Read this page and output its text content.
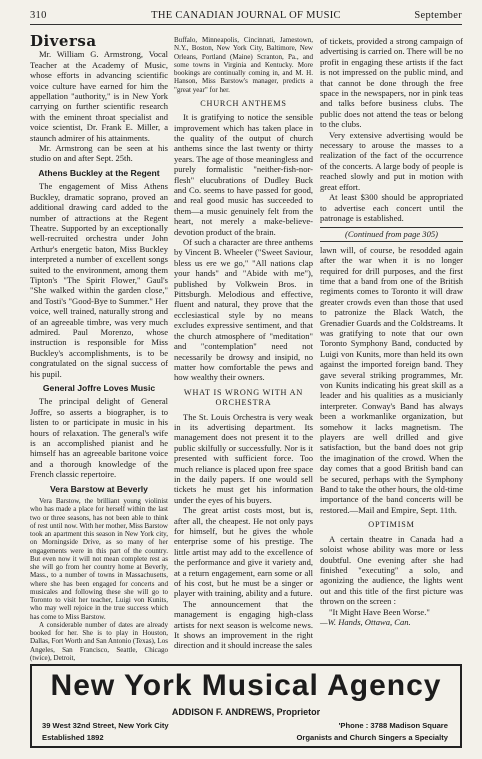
310	THE CANADIAN JOURNAL OF MUSIC	September
Diversa

Mr. William G. Armstrong, Vocal Teacher at the Academy of Music, whose efforts in advancing scientific voice culture have earned for him the appellation "authority," is in New York carrying on further scientific research with the eminent throat specialist and voice scientist, Dr. Frank E. Miller, a staunch admirer of his attainments.

Mr. Armstrong can be seen at his studio on and after Sept. 25th.

Athens Buckley at the Regent

The engagement of Miss Athens Buckley, dramatic soprano, proved an additional drawing card added to the number of attractions at the Regent Theatre. Supported by an exceptionally well-recruited orchestra under John Arthur's energetic baton, Miss Buckley interpreted a number of excellent songs suited to the environment, among them Tipton's "The Spirit Flower," Gaul's "She walked within the garden close," and Tosti's "Good-Bye to Summer." Her voice, well trained, naturally strong and of an agreeable timbre, was very much admired. Paul Morenzo, whose instruction is responsible for Miss Buckley's accomplishments, is to be congratulated on the signal success of his pupil.

General Joffre Loves Music

The principal delight of General Joffre, so asserts a biographer, is to listen to or participate in music in his hours of relaxation. The general's wife is an accomplished pianist and he himself has an agreeable baritone voice and a thorough knowledge of the French classic repertoire.

Vera Barstow at Beverly

Vera Barstow, the brilliant young violinist who has made a place for herself within the last two or three seasons, has not been able to think of rest until now. With her mother, Miss Barstow took an apartment this season in New York city, on Morningside Drive, as so many of her engagements were in this part of the country. But even now it will not mean complete rest as she will go from her country home at Beverly, Mass., to a number of towns in Massachusetts, where she has been engaged for concerts and musicales and following these she will go to Toronto to visit her teacher, Luigi von Kunits, who may well rejoice in the true success which has come to Miss Barstow.

A considerable number of dates are already booked for her. She is to play in Houston, Dallas, Fort Worth and San Antonio (Texas), Los Angeles, San Francisco, Seattle, Chicago (twice), Detroit,

Buffalo, Minneapolis, Cincinnati, Jamestown, N.Y., Boston, New York City, Baltimore, New Orleans, Portland (Maine) Scranton, Pa., and some towns in Virginia and Kentucky. More bookings are continually coming in, and M. H. Hanson, Miss Barstow's manager, predicts a "great year" for her.

CHURCH ANTHEMS

It is gratifying to notice the sensible improvement which has taken place in the quality of the output of church anthems since the last twenty or thirty years. The age of those meaningless and purely formalistic "neither-fish-nor-flesh" elucubrations of Dudley Buck and Co. seems to have passed for good, and real good music has succeeded to them—a music genuinely felt from the heart, not merely a make-believe-devotion product of the brain.

Of such a character are three anthems by Vincent B. Wheeler ("Sweet Saviour, bless us ere we go," "All nations clap your hands" and "Abide with me"), published by Volkwein Bros. in Pittsburgh. Melodious and effective, fluent and natural, they prove that the ecclesiastical style by no means excludes expressive sentiment, and that the church atmosphere of "meditation" and "contemplation" need not necessarily be drowsy and insipid, no matter how comfortable the pews and how wealthy their owners.

WHAT IS WRONG WITH AN ORCHESTRA

The St. Louis Orchestra is very weak in its advertising department. Its management does not present it to the public skilfully or successfully. Nor is it presented with sufficient force. Too much reliance is placed upon free space in the daily papers. If one would sell tickets he must get his information under the eyes of his buyers.

The great artist costs most, but is, after all, the cheapest. He not only pays for himself, but he gives the whole enterprise some of his prestige. The little artist may add to the excellence of the performance and give it variety and, at a return engagement, earn some or all of his cost, but he must be a singer or player with training, ability and a future.

The announcement that the management is engaging high-class artists for next season is welcome news. It shows an improvement in the right direction and it should increase the sales

of tickets, provided a strong campaign of advertising is carried on. There will be no profit in engaging these artists if the fact is not impressed on the public mind, and that cannot be done through the free space in the newspapers, nor in pink teas and talks before business clubs. The public does not attend the teas or belong to the clubs.

Very extensive advertising would be necessary to arouse the masses to a realization of the fact of the occurrence of the concerts. A large body of people is reached slowly and put in motion with great effort.

At least $300 should be appropriated to advertise each concert until the patronage is established.

(Continued from page 305)

lawn will, of course, be resodded again after the war when it is no longer required for drill purposes, and the first time that a band from one of the British regiments comes to Toronto it will draw greater crowds even than those that used to patronize the Black Watch, the Grenadier Guards and the Coldstreams. It was gratifying to note that our own Toronto Symphony Band, conducted by Luigi von Kunits, more than held its own against the imported foreign band. They gave several striking programmes, Mr. von Kunits indicating his great skill as a leader and his qualities as a musicianly interpreter. Conway's Band has always been a workmanlike organization, but somehow it lacks magnetism. The players are well drilled and give satisfaction, but the band does not grip the imagination of the crowd. When the day comes that a good British band can be secured, perhaps with the Symphony Band to take the other hours, the old-time importance of the band concerts will be restored.—Mail and Empire, Sept. 11th.

OPTIMISM

A certain theatre in Canada had a soloist whose ability was more or less doubtful. One evening after she had finished "executing" a solo, and agonizing the audience, the lights went out and this title of the first picture was thrown on the screen :

"It Might Have Been Worse."

—W. Hands, Ottawa, Can.

New York Musical Agency
ADDISON F. ANDREWS, Proprietor
39 West 32nd Street, New York City
Established 1892
'Phone : 3788 Madison Square
Organists and Church Singers a Specialty
